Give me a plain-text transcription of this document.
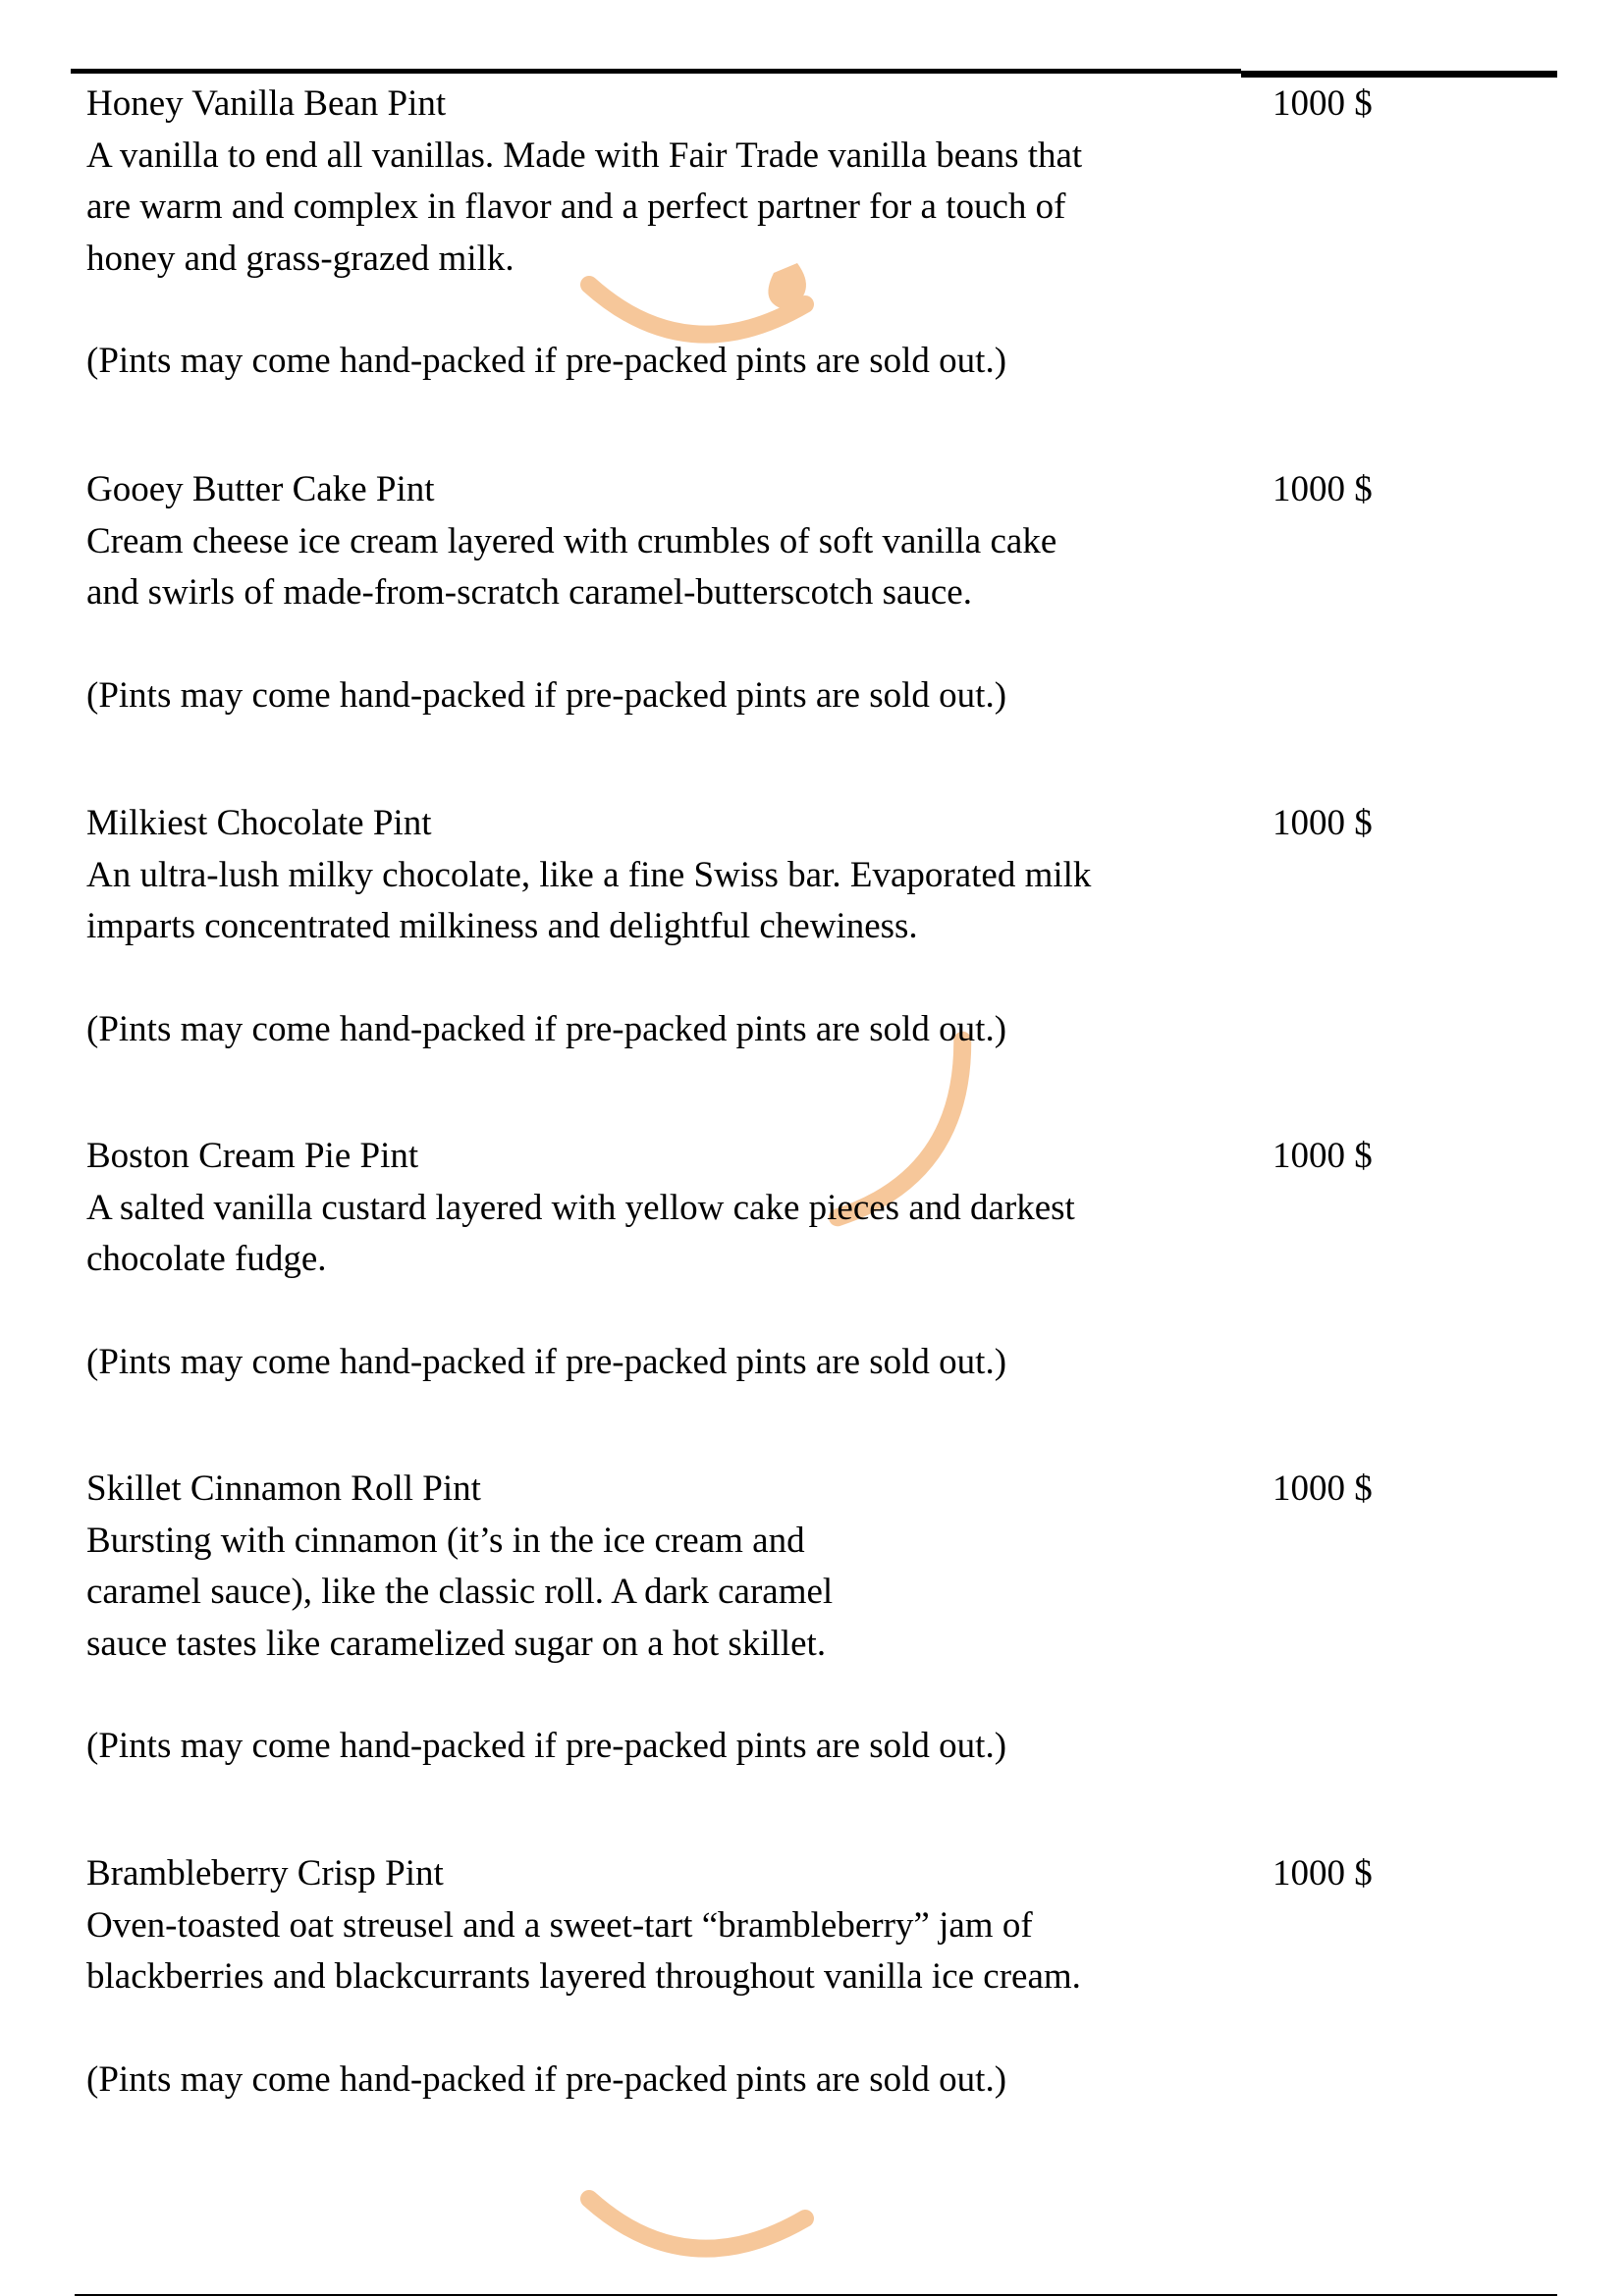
Honey Vanilla Bean Pint

A vanilla to end all vanillas. Made with Fair Trade vanilla beans that
are warm and complex in flavor and a perfect partner for a touch of
honey and grass-grazed milk.

(Pints may come hand-packed if pre-packed pints are sold out.)

1000 $

Gooey Butter Cake Pint

Cream cheese ice cream layered with crumbles of soft vanilla cake
and swirls of made-from-scratch caramel-butterscotch sauce.

(Pints may come hand-packed if pre-packed pints are sold out.)

1000 $

Milkiest Chocolate Pint

An ultra-lush milky chocolate, like a fine Swiss bar. Evaporated milk
imparts concentrated milkiness and delightful chewiness.

(Pints may come hand-packed if pre-packed pints are sold out.)

1000 $

Boston Cream Pie Pint

A salted vanilla custard layered with yellow cake pieces and darkest
chocolate fudge.

(Pints may come hand-packed if pre-packed pints are sold out.)

1000 $

Skillet Cinnamon Roll Pint

Bursting with cinnamon (it’s in the ice cream and
caramel sauce), like the classic roll. A dark caramel
sauce tastes like caramelized sugar on a hot skillet.

(Pints may come hand-packed if pre-packed pints are sold out.)

1000 $

Brambleberry Crisp Pint

Oven-toasted oat streusel and a sweet-tart “brambleberry” jam of
blackberries and blackcurrants layered throughout vanilla ice cream.

(Pints may come hand-packed if pre-packed pints are sold out.)

1000 $
